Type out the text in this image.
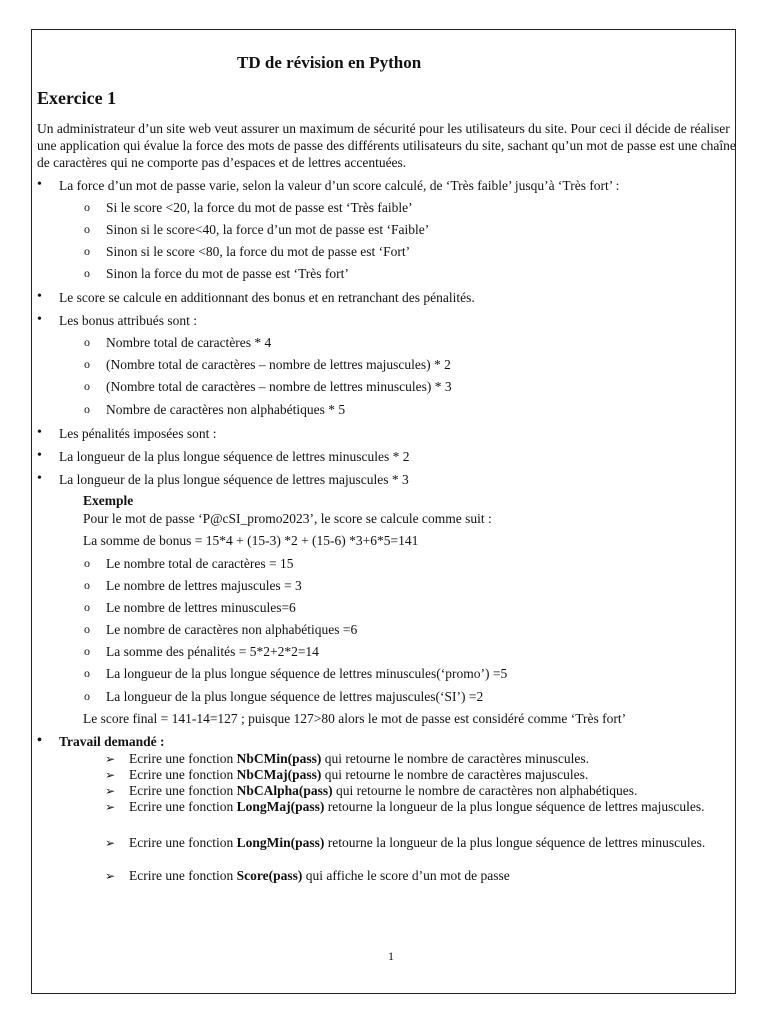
TD de révision en Python
Exercice 1

Un administrateur d’un site web veut assurer un maximum de sécurité pour les utilisateurs du site. Pour ceci il décide de réaliser une application qui évalue la force des mots de passe des différents utilisateurs du site, sachant qu’un mot de passe est une chaîne de caractères qui ne comporte pas d’espaces et de lettres accentuées.

• La force d’un mot de passe varie, selon la valeur d’un score calculé, de ‘Très faible’ jusqu’à ‘Très fort’ :
o Si le score <20, la force du mot de passe est ‘Très faible’
o Sinon si le score<40, la force d’un mot de passe est ‘Faible’
o Sinon si le score <80, la force du mot de passe est ‘Fort’
o Sinon la force du mot de passe est ‘Très fort’
• Le score se calcule en additionnant des bonus et en retranchant des pénalités.
• Les bonus attribués sont :
o Nombre total de caractères * 4
o (Nombre total de caractères – nombre de lettres majuscules) * 2
o (Nombre total de caractères – nombre de lettres minuscules) * 3
o Nombre de caractères non alphabétiques * 5
• Les pénalités imposées sont :
• La longueur de la plus longue séquence de lettres minuscules * 2
• La longueur de la plus longue séquence de lettres majuscules * 3
Exemple
Pour le mot de passe ‘P@cSI_promo2023’, le score se calcule comme suit :
La somme de bonus = 15*4 + (15-3) *2 + (15-6) *3+6*5=141
o Le nombre total de caractères = 15
o Le nombre de lettres majuscules = 3
o Le nombre de lettres minuscules=6
o Le nombre de caractères non alphabétiques =6
o La somme des pénalités = 5*2+2*2=14
o La longueur de la plus longue séquence de lettres minuscules(‘promo’) =5
o La longueur de la plus longue séquence de lettres majuscules(‘SI’) =2
Le score final = 141-14=127 ; puisque 127>80 alors le mot de passe est considéré comme ‘Très fort’
• Travail demandé :
➢ Ecrire une fonction NbCMin(pass) qui retourne le nombre de caractères minuscules.
➢ Ecrire une fonction NbCMaj(pass) qui retourne le nombre de caractères majuscules.
➢ Ecrire une fonction NbCAlpha(pass) qui retourne le nombre de caractères non alphabétiques.
➢ Ecrire une fonction LongMaj(pass) retourne la longueur de la plus longue séquence de lettres majuscules.
➢ Ecrire une fonction LongMin(pass) retourne la longueur de la plus longue séquence de lettres minuscules.
➢ Ecrire une fonction Score(pass) qui affiche le score d’un mot de passe
1
